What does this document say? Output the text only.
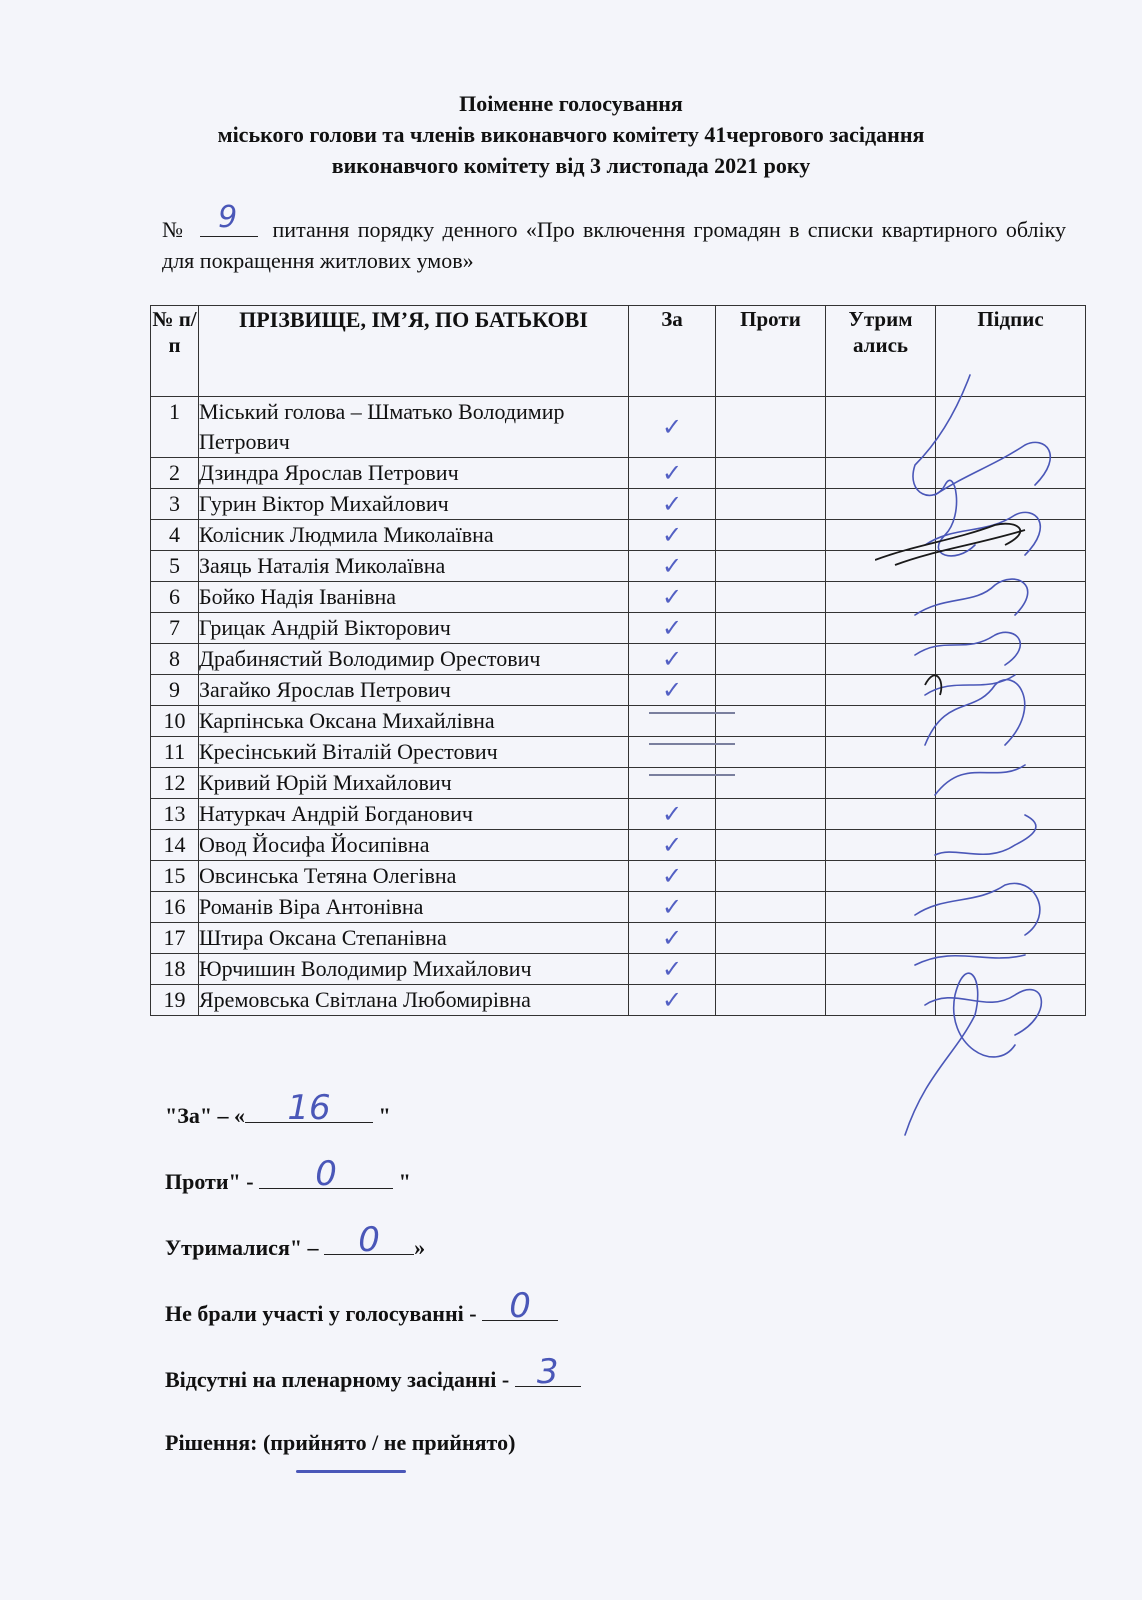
Поіменне голосування
міського голови та членів виконавчого комітету 41чергового засідання
виконавчого комітету від 3 листопада 2021 року
№ 9 питання порядку денного «Про включення громадян в списки квартирного обліку для покращення житлових умов»
№ п/п	ПРІЗВИЩЕ, ІМ’Я, ПО БАТЬКОВІ	За	Проти	Утрим ались	Підпис
1	Міський голова – Шматько Володимир Петрович	✓			

2	Дзиндра Ярослав Петрович	✓			

3	Гурин Віктор Михайлович	✓			

4	Колісник Людмила Миколаївна	✓			

5	Заяць Наталія Миколаївна	✓			

6	Бойко Надія Іванівна	✓			

7	Грицак Андрій Вікторович	✓			

8	Драбинястий Володимир Орестович	✓			

9	Загайко Ярослав Петрович	✓			

10	Карпінська Оксана Михайлівна	

11	Кресінський Віталій Орестович	

12	Кривий Юрій Михайлович	

13	Натуркач Андрій Богданович	✓			

14	Овод Йосифа Йосипівна	✓			

15	Овсинська Тетяна Олегівна	✓			

16	Романів Віра Антонівна	✓			

17	Штира Оксана Степанівна	✓			

18	Юрчишин Володимир Михайлович	✓			

19	Яремовська Світлана Любомирівна	✓			

"За" – «	16	"
Проти" -	0	"
Утрималися" –	0	»
Не брали участі у голосуванні - 0
Відсутні на пленарному засіданні - 3
Рішення: (прийнято / не прийнято)
